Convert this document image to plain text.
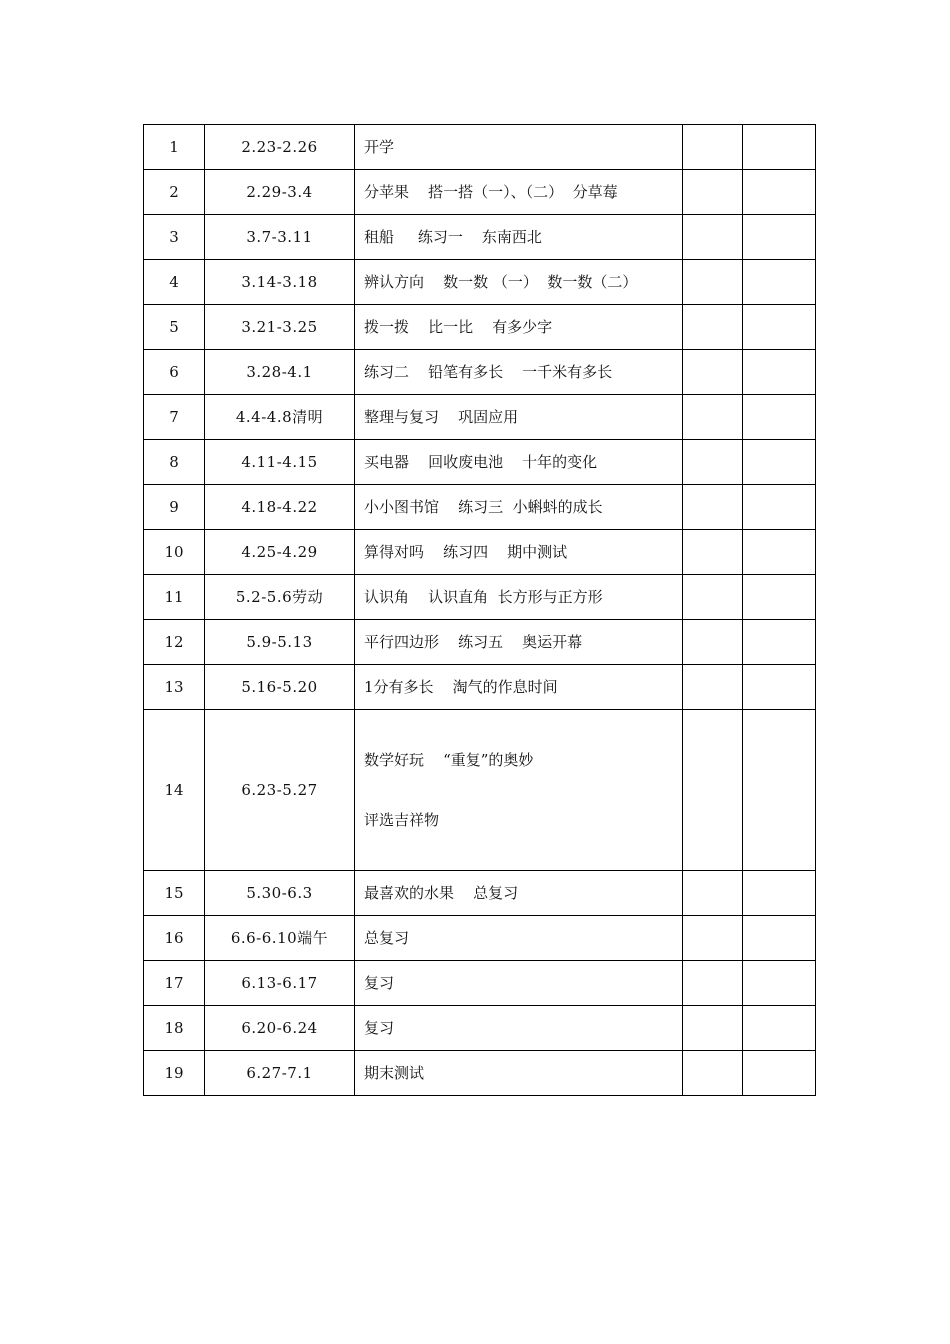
1	2.23-2.26	开学		
2	2.29-3.4	分苹果    搭一搭（一）、（二）  分草莓		
3	3.7-3.11	租船     练习一    东南西北		
4	3.14-3.18	辨认方向    数一数 （一）  数一数（二）		
5	3.21-3.25	拨一拨    比一比    有多少字		
6	3.28-4.1	练习二    铅笔有多长    一千米有多长		
7	4.4-4.8清明	整理与复习    巩固应用		
8	4.11-4.15	买电器    回收废电池    十年的变化		
9	4.18-4.22	小小图书馆    练习三  小蝌蚪的成长		
10	4.25-4.29	算得对吗    练习四    期中测试		
11	5.2-5.6劳动	认识角    认识直角  长方形与正方形		
12	5.9-5.13	平行四边形    练习五    奥运开幕		
13	5.16-5.20	1分有多长    淘气的作息时间		
14	6.23-5.27	数学好玩    “重复”的奥妙

评选吉祥物		

15	5.30-6.3	最喜欢的水果    总复习		
16	6.6-6.10端午	总复习		
17	6.13-6.17	复习		
18	6.20-6.24	复习		
19	6.27-7.1	期末测试		
